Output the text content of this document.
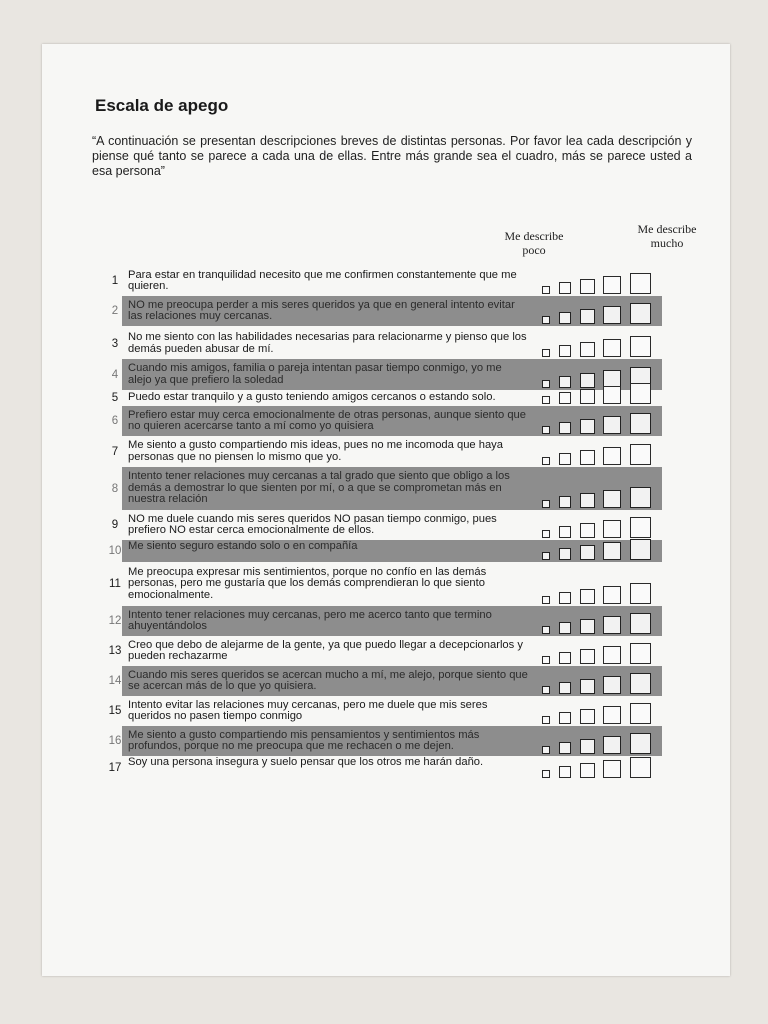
Escala de apego
“A continuación se presentan descripciones breves de distintas personas. Por favor lea cada descripción y piense qué tanto se parece a cada una de ellas. Entre más grande sea el cuadro, más se parece usted a esa persona”
Me describe poco
Me describe mucho
1
Para estar en tranquilidad necesito que me confirmen constantemente que me quieren.
2
NO me preocupa perder a mis seres queridos ya que en general intento evitar las relaciones muy cercanas.
3
No me siento con las habilidades necesarias para relacionarme y pienso que los demás pueden abusar de mí.
4
Cuando mis amigos, familia o pareja intentan pasar tiempo conmigo, yo me alejo ya que prefiero la soledad
5 Puedo estar tranquilo y a gusto teniendo amigos cercanos o estando solo.
6
Prefiero estar muy cerca emocionalmente de otras personas, aunque siento que no quieren acercarse tanto a mí como yo quisiera
7
Me siento a gusto compartiendo mis ideas, pues no me incomoda que haya personas que no piensen lo mismo que yo.
8
Intento tener relaciones muy cercanas a tal grado que siento que obligo a los demás a demostrar lo que sienten por mí, o a que se comprometan más en nuestra relación
9
NO me duele cuando mis seres queridos NO pasan tiempo conmigo, pues prefiero NO estar cerca emocionalmente de ellos.
10 Me siento seguro estando solo o en compañía
11
Me preocupa expresar mis sentimientos, porque no confío en las demás personas, pero me gustaría que los demás comprendieran lo que siento emocionalmente.
12
Intento tener relaciones muy cercanas, pero me acerco tanto que termino ahuyentándolos
13
Creo que debo de alejarme de la gente, ya que puedo llegar a decepcionarlos y pueden rechazarme
14
Cuando mis seres queridos se acercan mucho a mí, me alejo, porque siento que se acercan más de lo que yo quisiera.
15
Intento evitar las relaciones muy cercanas, pero me duele que mis seres queridos no pasen tiempo conmigo
16
Me siento a gusto compartiendo mis pensamientos y sentimientos más profundos, porque no me preocupa que me rechacen o me dejen.
17 Soy una persona insegura y suelo pensar que los otros me harán daño.
